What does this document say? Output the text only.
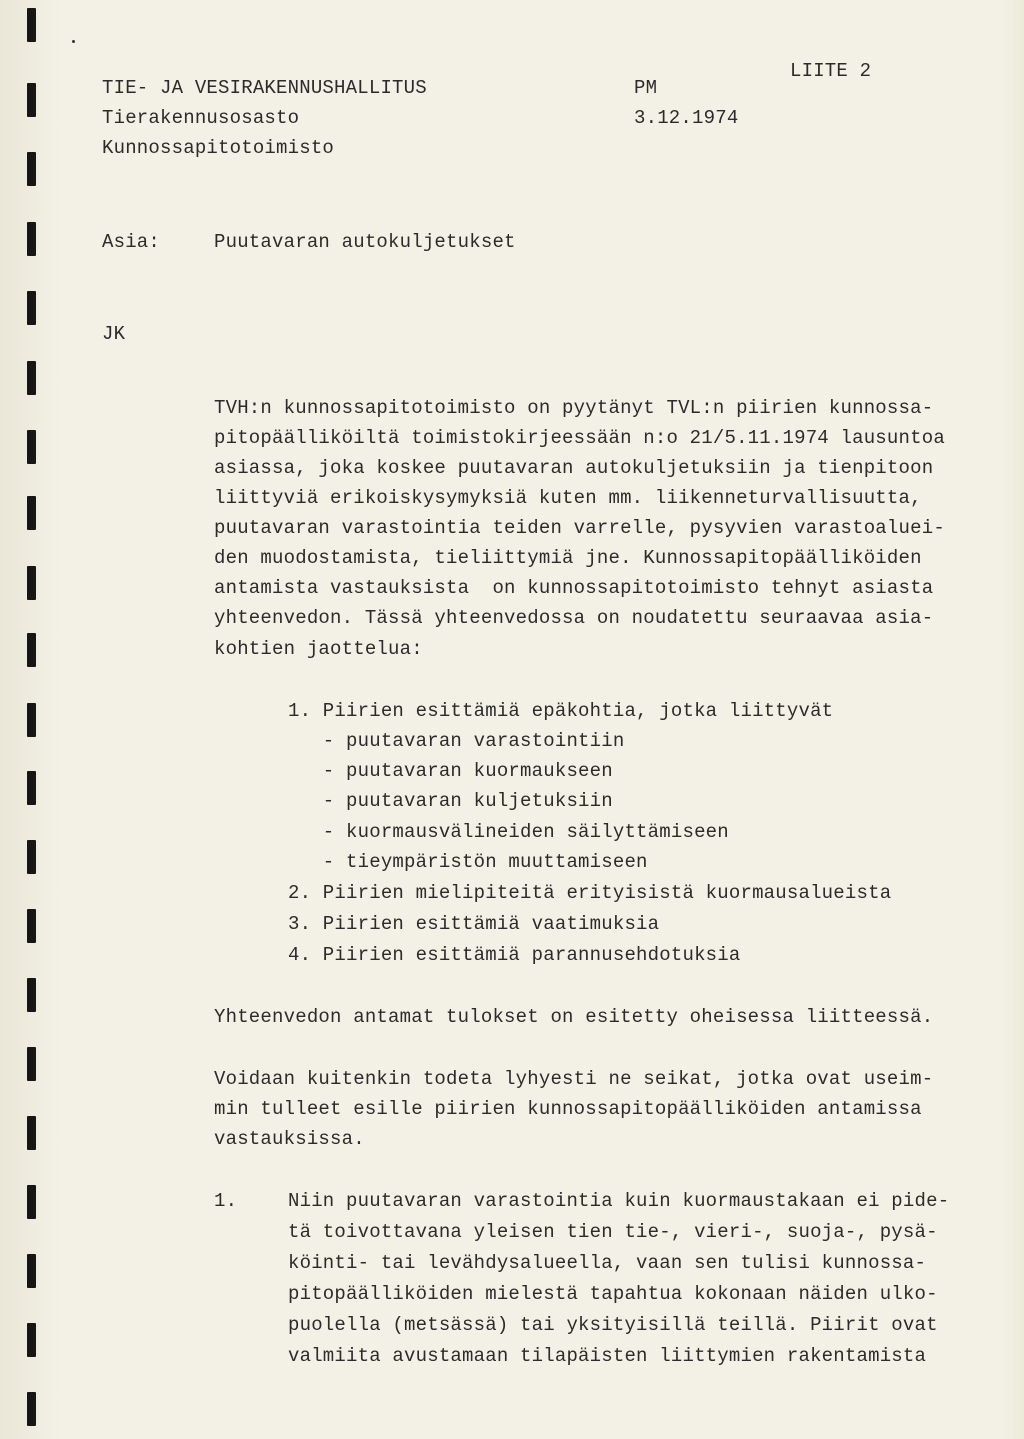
TIE- JA VESIRAKENNUSHALLITUS
Tierakennusosasto
Kunnossapitotoimisto
PM
3.12.1974
LIITE 2
Asia:	Puutavaran autokuljetukset
JK
TVH:n kunnossapitotoimisto on pyytänyt TVL:n piirien kunnossa-
pitopäälliköiltä toimistokirjeessään n:o 21/5.11.1974 lausuntoa
asiassa, joka koskee puutavaran autokuljetuksiin ja tienpitoon
liittyviä erikoiskysymyksiä kuten mm. liikenneturvallisuutta,
puutavaran varastointia teiden varrelle, pysyvien varastoaluei-
den muodostamista, tieliittymiä jne. Kunnossapitopäälliköiden
antamista vastauksista  on kunnossapitotoimisto tehnyt asiasta
yhteenvedon. Tässä yhteenvedossa on noudatettu seuraavaa asia-
kohtien jaottelua:
1. Piirien esittämiä epäkohtia, jotka liittyvät
- puutavaran varastointiin
- puutavaran kuormaukseen
- puutavaran kuljetuksiin
- kuormausvälineiden säilyttämiseen
- tieympäristön muuttamiseen
2. Piirien mielipiteitä erityisistä kuormausalueista
3. Piirien esittämiä vaatimuksia
4. Piirien esittämiä parannusehdotuksia
Yhteenvedon antamat tulokset on esitetty oheisessa liitteessä.
Voidaan kuitenkin todeta lyhyesti ne seikat, jotka ovat useim-
min tulleet esille piirien kunnossapitopäälliköiden antamissa
vastauksissa.
1.	Niin puutavaran varastointia kuin kuormaustakaan ei pide-
tä toivottavana yleisen tien tie-, vieri-, suoja-, pysä-
köinti- tai levähdysalueella, vaan sen tulisi kunnossa-
pitopäälliköiden mielestä tapahtua kokonaan näiden ulko-
puolella (metsässä) tai yksityisillä teillä. Piirit ovat
valmiita avustamaan tilapäisten liittymien rakentamista
